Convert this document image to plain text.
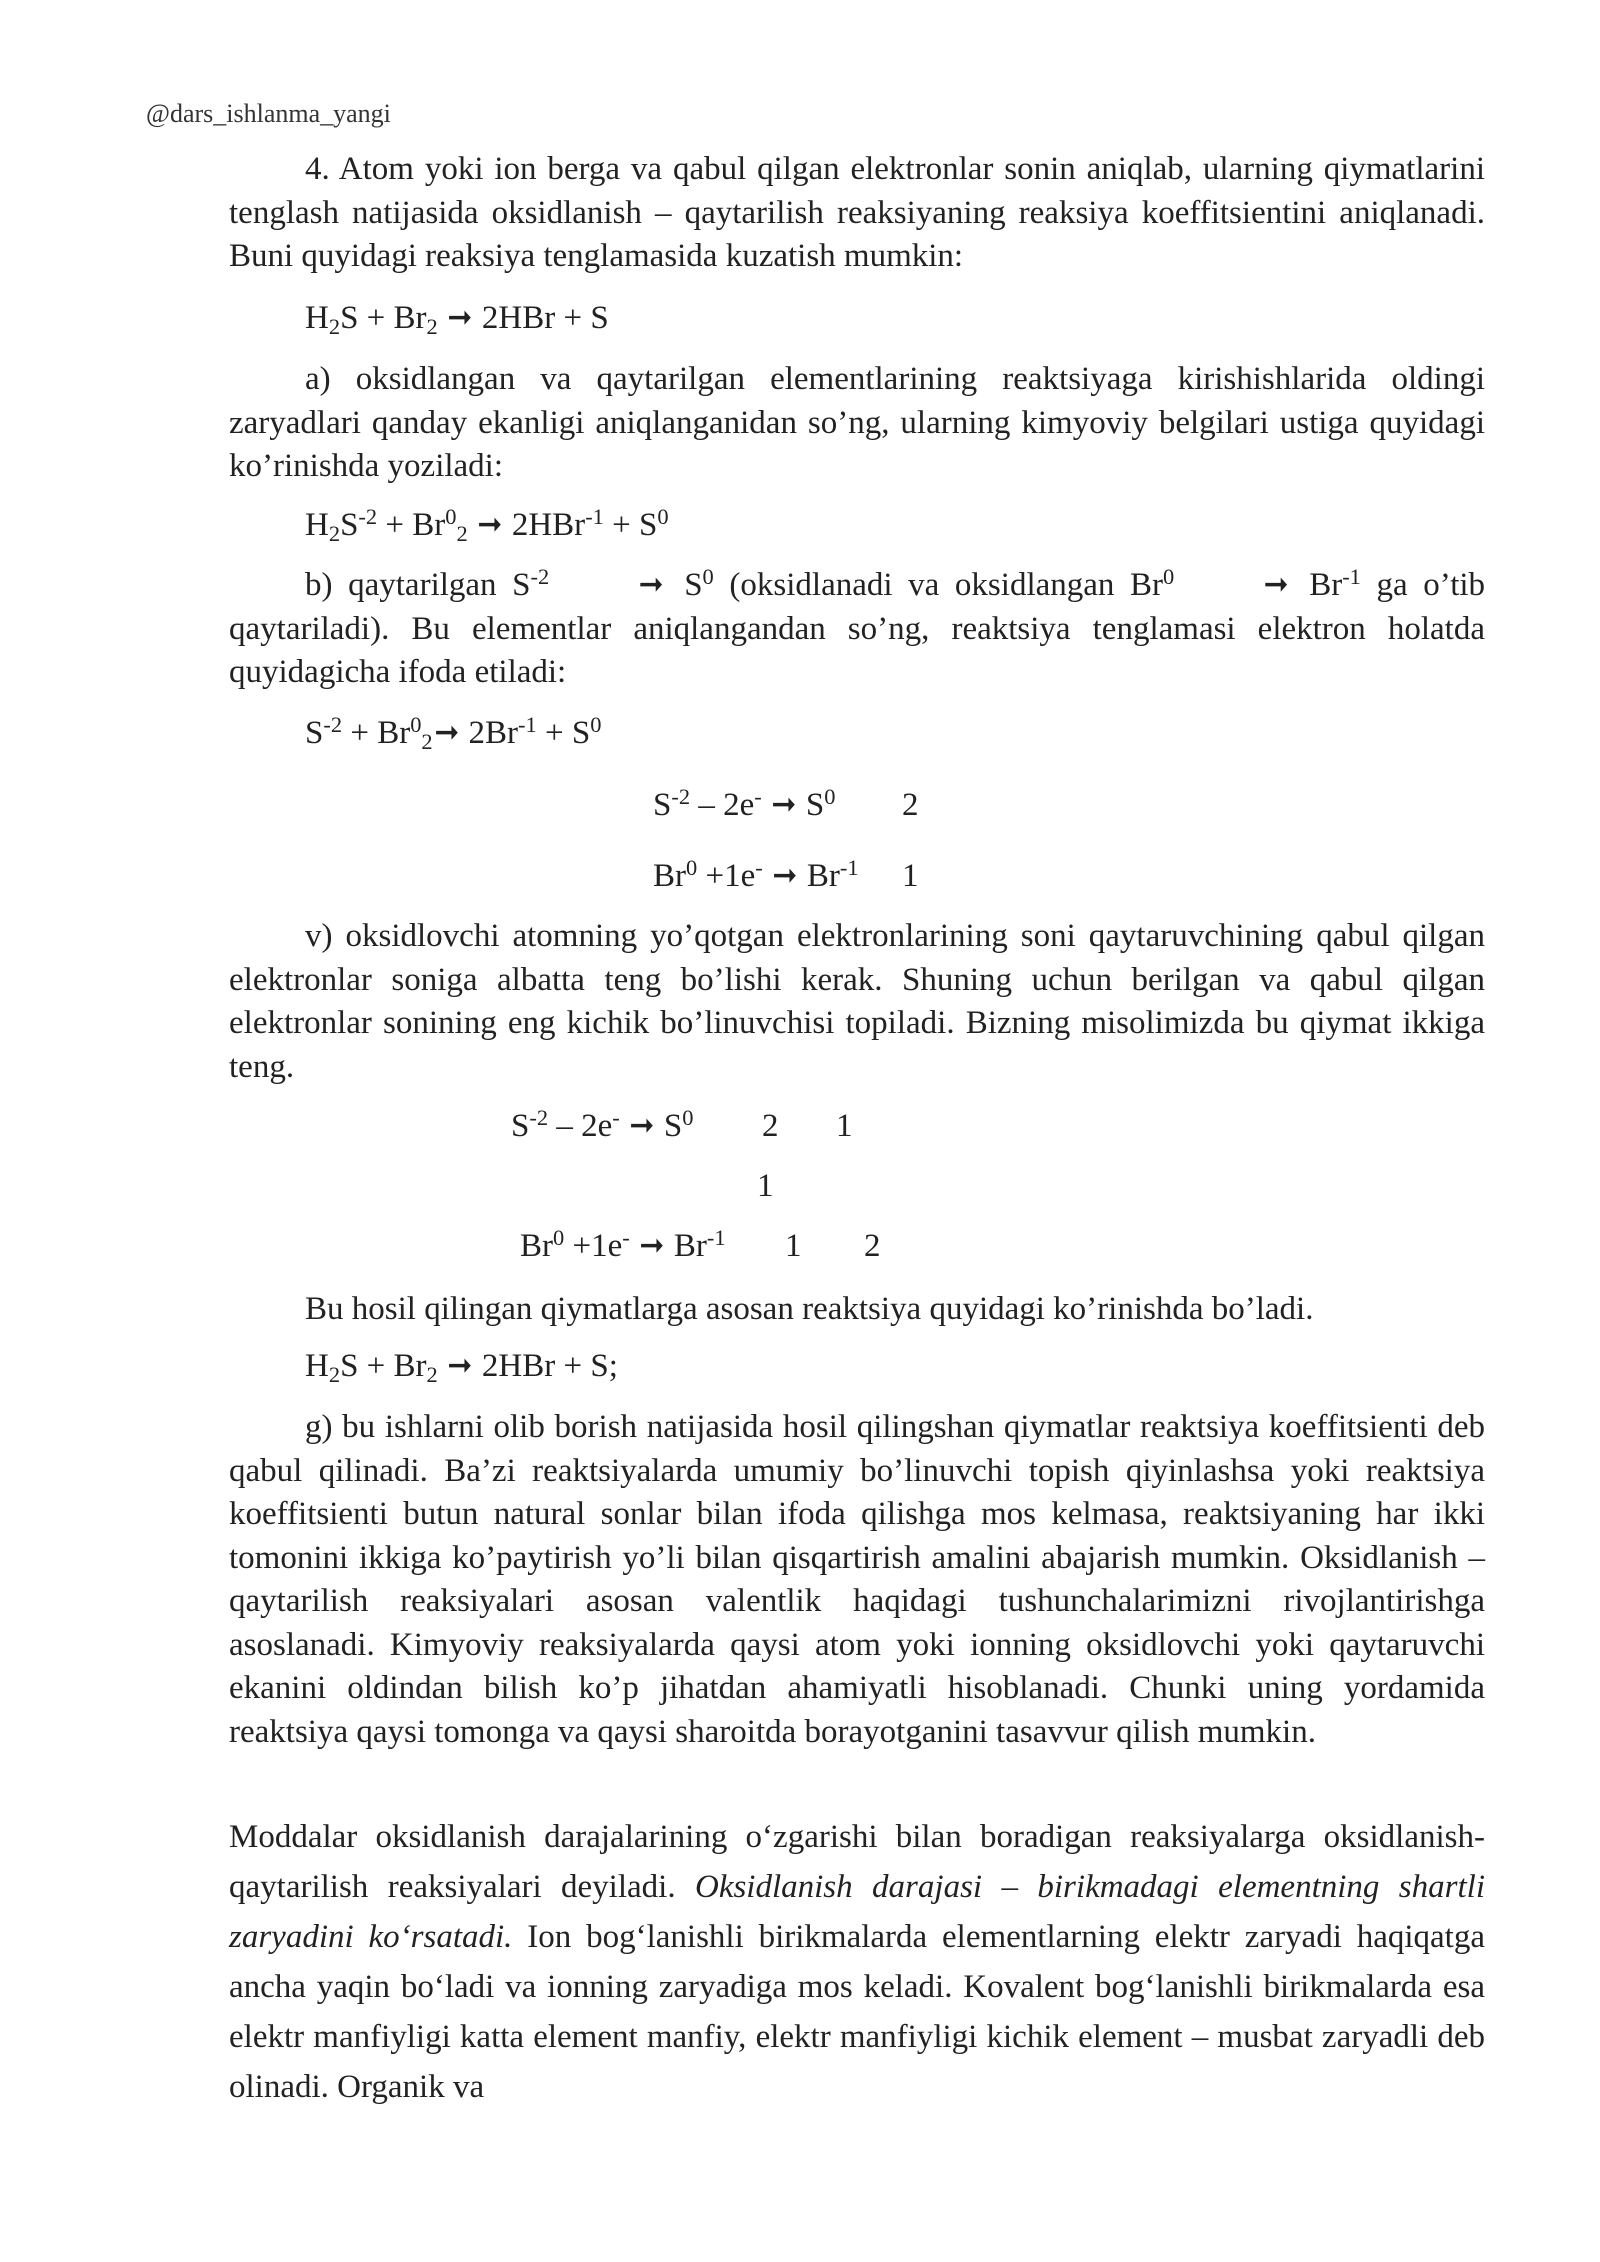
@dars_ishlanma_yangi

4. Atom yoki ion berga va qabul qilgan elektronlar sonin aniqlab, ularning qiymatlarini tenglash natijasida oksidlanish – qaytarilish reaksiyaning reaksiya koeffitsientini aniqlanadi. Buni quyidagi reaksiya tenglamasida kuzatish mumkin:

$H_2S + Br_2$ ➞ 2HBr + S

a) oksidlangan va qaytarilgan elementlarining reaktsiyaga kirishishlarida oldingi zaryadlari qanday ekanligi aniqlanganidan so’ng, ularning kimyoviy belgilari ustiga quyidagi ko’rinishda yoziladi:

$H_2S^{-2} + Br^0_2$ ➞ $2HBr^{-1} + S^0$

b) qaytarilgan $S^{-2}$	➞ $S^0$ (oksidlanadi va oksidlangan Br$^0$	➞ $Br^{-1}$ ga o’tib qaytariladi). Bu elementlar aniqlangandan so’ng, reaktsiya tenglamasi elektron holatda quyidagicha ifoda etiladi:

$S^{-2}$ + $Br^0_2➞$ $2Br^{-1} + S^0$
$S^{-2} - 2e^-$ ➞ $S^0$ 2
$Br^0 +1e^-$ ➞ $Br^{-1}$ 1

v) oksidlovchi atomning yo’qotgan elektronlarining soni qaytaruvchining qabul qilgan elektronlar soniga albatta teng bo’lishi kerak. Shuning uchun berilgan va qabul qilgan elektronlar sonining eng kichik bo’linuvchisi topiladi. Bizning misolimizda bu qiymat ikkiga teng.

$S^{-2} - 2e^-$ ➞ $S^0$ 2 1
1
$Br^0 +1e^-$ ➞ $Br^{-1}$ 1 2

Bu hosil qilingan qiymatlarga asosan reaktsiya quyidagi ko’rinishda bo’ladi.

$H_2S + Br_2$ ➞ 2HBr + S;

g) bu ishlarni olib borish natijasida hosil qilingshan qiymatlar reaktsiya koeffitsienti deb qabul qilinadi. Ba’zi reaktsiyalarda umumiy bo’linuvchi topish qiyinlashsa yoki reaktsiya koeffitsienti butun natural sonlar bilan ifoda qilishga mos kelmasa, reaktsiyaning har ikki tomonini ikkiga ko’paytirish yo’li bilan qisqartirish amalini abajarish mumkin. Oksidlanish – qaytarilish reaksiyalari asosan valentlik haqidagi tushunchalarimizni rivojlantirishga asoslanadi. Kimyoviy reaksiyalarda qaysi atom yoki ionning oksidlovchi yoki qaytaruvchi ekanini oldindan bilish ko’p jihatdan ahamiyatli hisoblanadi. Chunki uning yordamida reaktsiya qaysi tomonga va qaysi sharoitda borayotganini tasavvur qilish mumkin.

Moddalar oksidlanish darajalarining o‘zgarishi bilan boradigan reaksiyalarga oksidlanish-qaytarilish reaksiyalari deyiladi. Oksidlanish darajasi – birikmadagi elementning shartli zaryadini ko‘rsatadi. Ion bog‘lanishli birikmalarda elementlarning elektr zaryadi haqiqatga ancha yaqin bo‘ladi va ionning zaryadiga mos keladi. Kovalent bog‘lanishli birikmalarda esa elektr manfiyligi katta element manfiy, elektr manfiyligi kichik element – musbat zaryadli deb olinadi. Organik va
